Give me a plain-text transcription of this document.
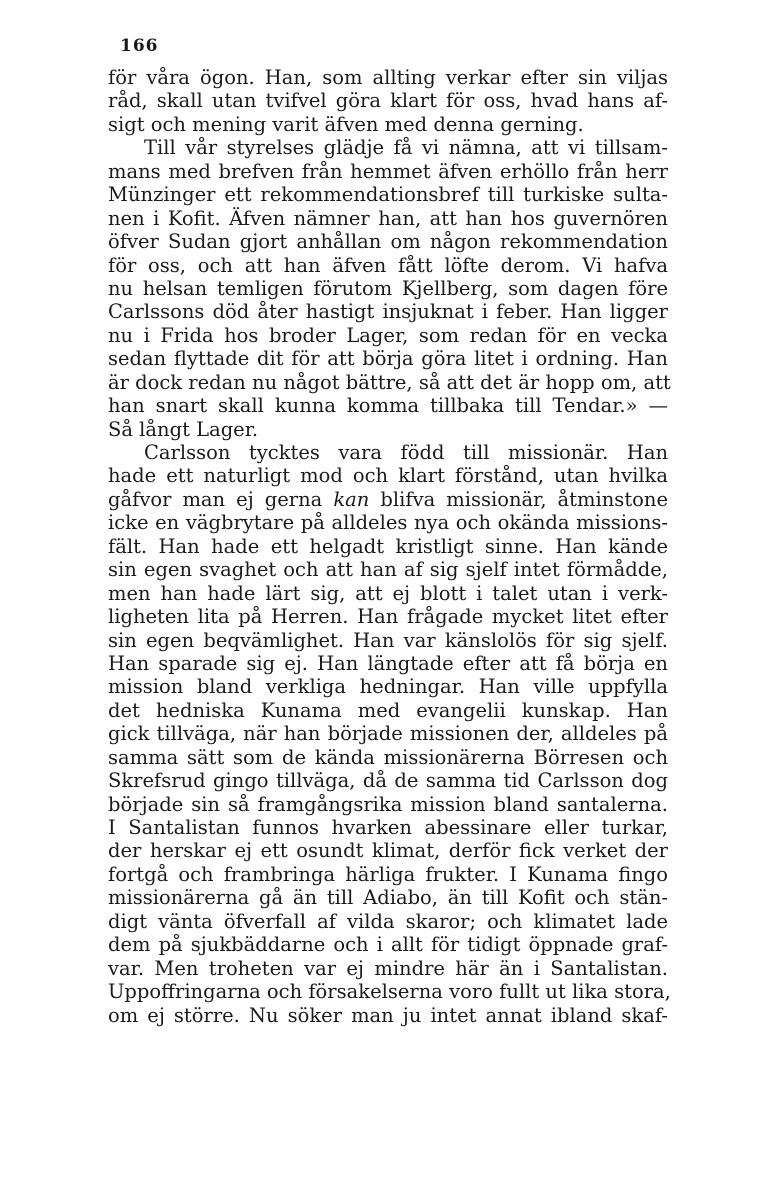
166
för våra ögon. Han, som allting verkar efter sin viljas
råd, skall utan tvifvel göra klart för oss, hvad hans af-
sigt och mening varit äfven med denna gerning.
Till vår styrelses glädje få vi nämna, att vi tillsam-
mans med brefven från hemmet äfven erhöllo från herr
Münzinger ett rekommendationsbref till turkiske sulta-
nen i Kofit. Äfven nämner han, att han hos guvernören
öfver Sudan gjort anhållan om någon rekommendation
för oss, och att han äfven fått löfte derom. Vi hafva
nu helsan temligen förutom Kjellberg, som dagen före
Carlssons död åter hastigt insjuknat i feber. Han ligger
nu i Frida hos broder Lager, som redan för en vecka
sedan flyttade dit för att börja göra litet i ordning. Han
är dock redan nu något bättre, så att det är hopp om, att
han snart skall kunna komma tillbaka till Tendar.» —
Så långt Lager.
Carlsson tycktes vara född till missionär. Han
hade ett naturligt mod och klart förstånd, utan hvilka
gåfvor man ej gerna kan blifva missionär, åtminstone
icke en vägbrytare på alldeles nya och okända missions-
fält. Han hade ett helgadt kristligt sinne. Han kände
sin egen svaghet och att han af sig sjelf intet förmådde,
men han hade lärt sig, att ej blott i talet utan i verk-
ligheten lita på Herren. Han frågade mycket litet efter
sin egen beqvämlighet. Han var känslolös för sig sjelf.
Han sparade sig ej. Han längtade efter att få börja en
mission bland verkliga hedningar. Han ville uppfylla
det hedniska Kunama med evangelii kunskap. Han
gick tillväga, när han började missionen der, alldeles på
samma sätt som de kända missionärerna Börresen och
Skrefsrud gingo tillväga, då de samma tid Carlsson dog
började sin så framgångsrika mission bland santalerna.
I Santalistan funnos hvarken abessinare eller turkar,
der herskar ej ett osundt klimat, derför fick verket der
fortgå och frambringa härliga frukter. I Kunama fingo
missionärerna gå än till Adiabo, än till Kofit och stän-
digt vänta öfverfall af vilda skaror; och klimatet lade
dem på sjukbäddarne och i allt för tidigt öppnade graf-
var. Men troheten var ej mindre här än i Santalistan.
Uppoffringarna och försakelserna voro fullt ut lika stora,
om ej större. Nu söker man ju intet annat ibland skaf-
